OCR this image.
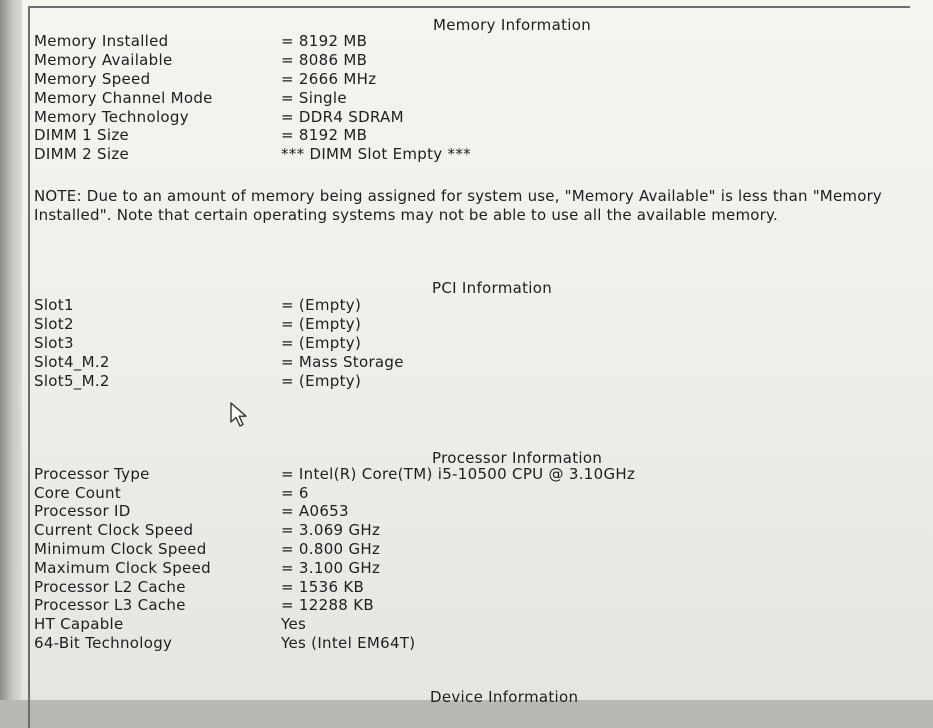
Memory Information
Memory Installed	= 8192 MB
Memory Available	= 8086 MB
Memory Speed	= 2666 MHz
Memory Channel Mode	= Single
Memory Technology	= DDR4 SDRAM
DIMM 1 Size	= 8192 MB
DIMM 2 Size	*** DIMM Slot Empty ***
NOTE: Due to an amount of memory being assigned for system use, "Memory Available" is less than "Memory Installed". Note that certain operating systems may not be able to use all the available memory.
PCI Information
Slot1	= (Empty)
Slot2	= (Empty)
Slot3	= (Empty)
Slot4_M.2	= Mass Storage
Slot5_M.2	= (Empty)
Processor Information
Processor Type	= Intel(R) Core(TM) i5-10500 CPU @ 3.10GHz
Core Count	= 6
Processor ID	= A0653
Current Clock Speed	= 3.069 GHz
Minimum Clock Speed	= 0.800 GHz
Maximum Clock Speed	= 3.100 GHz
Processor L2 Cache	= 1536 KB
Processor L3 Cache	= 12288 KB
HT Capable	Yes
64-Bit Technology	Yes (Intel EM64T)
Device Information
